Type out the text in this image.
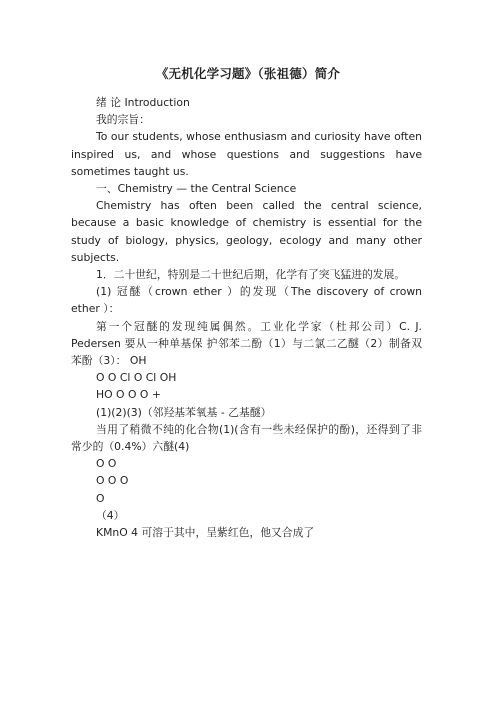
《无机化学习题》（张祖德）简介

绪 论 Introduction

我的宗旨：

To our students, whose enthusiasm and curiosity have often inspired us, and whose questions and suggestions have sometimes taught us.

一、Chemistry — the Central Science

Chemistry has often been called the central science, because a basic knowledge of chemistry is essential for the study of biology, physics, geology, ecology and many other subjects.

1．二十世纪，特别是二十世纪后期，化学有了突飞猛进的发展。

(1) 冠醚（crown ether ）的发现（The discovery of crown ether ）：

第一个冠醚的发现纯属偶然。工业化学家（杜邦公司）C. J. Pedersen 要从一种单基保 护邻苯二酚（1）与二氯二乙醚（2）制备双苯酚（3）： OH

O O Cl O Cl OH

HO O O O +

(1)(2)(3)（邻羟基苯氧基 - 乙基醚）

当用了稍微不纯的化合物(1)(含有一些未经保护的酚)，还得到了非常少的（0.4%）六醚(4)

O O

O O O

O

（4）

KMnO 4 可溶于其中，呈紫红色，他又合成了
